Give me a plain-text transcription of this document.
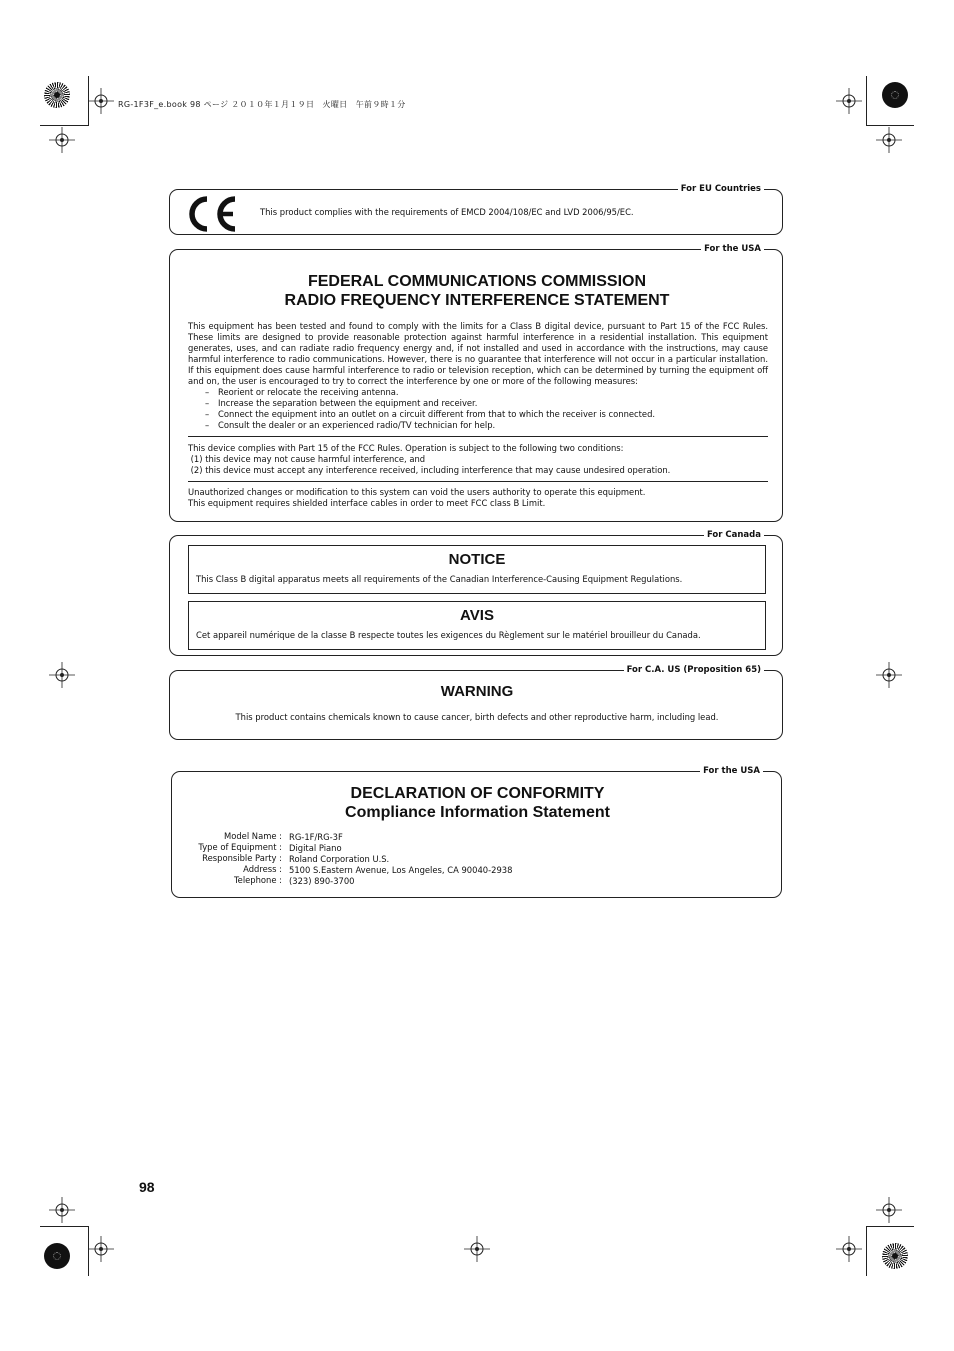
RG-1F3F_e.book 98 ページ ２０１０年１月１９日　火曜日　午前９時１分
For EU Countries
This product complies with the requirements of EMCD 2004/108/EC and LVD 2006/95/EC.
For the USA
FEDERAL COMMUNICATIONS COMMISSION
RADIO FREQUENCY INTERFERENCE STATEMENT
This equipment has been tested and found to comply with the limits for a Class B digital device, pursuant to Part 15 of the FCC Rules. These limits are designed to provide reasonable protection against harmful interference in a residential installation. This equipment generates, uses, and can radiate radio frequency energy and, if not installed and used in accordance with the instructions, may cause harmful interference to radio communications. However, there is no guarantee that interference will not occur in a particular installation. If this equipment does cause harmful interference to radio or television reception, which can be determined by turning the equipment off and on, the user is encouraged to try to correct the interference by one or more of the following measures:
– Reorient or relocate the receiving antenna.
– Increase the separation between the equipment and receiver.
– Connect the equipment into an outlet on a circuit different from that to which the receiver is connected.
– Consult the dealer or an experienced radio/TV technician for help.
This device complies with Part 15 of the FCC Rules. Operation is subject to the following two conditions:
(1) this device may not cause harmful interference, and
(2) this device must accept any interference received, including interference that may cause undesired operation.
Unauthorized changes or modification to this system can void the users authority to operate this equipment.
This equipment requires shielded interface cables in order to meet FCC class B Limit.
For Canada
NOTICE
This Class B digital apparatus meets all requirements of the Canadian Interference-Causing Equipment Regulations.
AVIS
Cet appareil numérique de la classe B respecte toutes les exigences du Règlement sur le matériel brouilleur du Canada.
For C.A. US (Proposition 65)
WARNING
This product contains chemicals known to cause cancer, birth defects and other reproductive harm, including lead.
For the USA
DECLARATION OF CONFORMITY
Compliance Information Statement
Model Name :
Type of Equipment :
Responsible Party :
Address :
Telephone :
RG-1F/RG-3F
Digital Piano
Roland Corporation U.S.
5100 S.Eastern Avenue, Los Angeles, CA 90040-2938
(323) 890-3700
98
